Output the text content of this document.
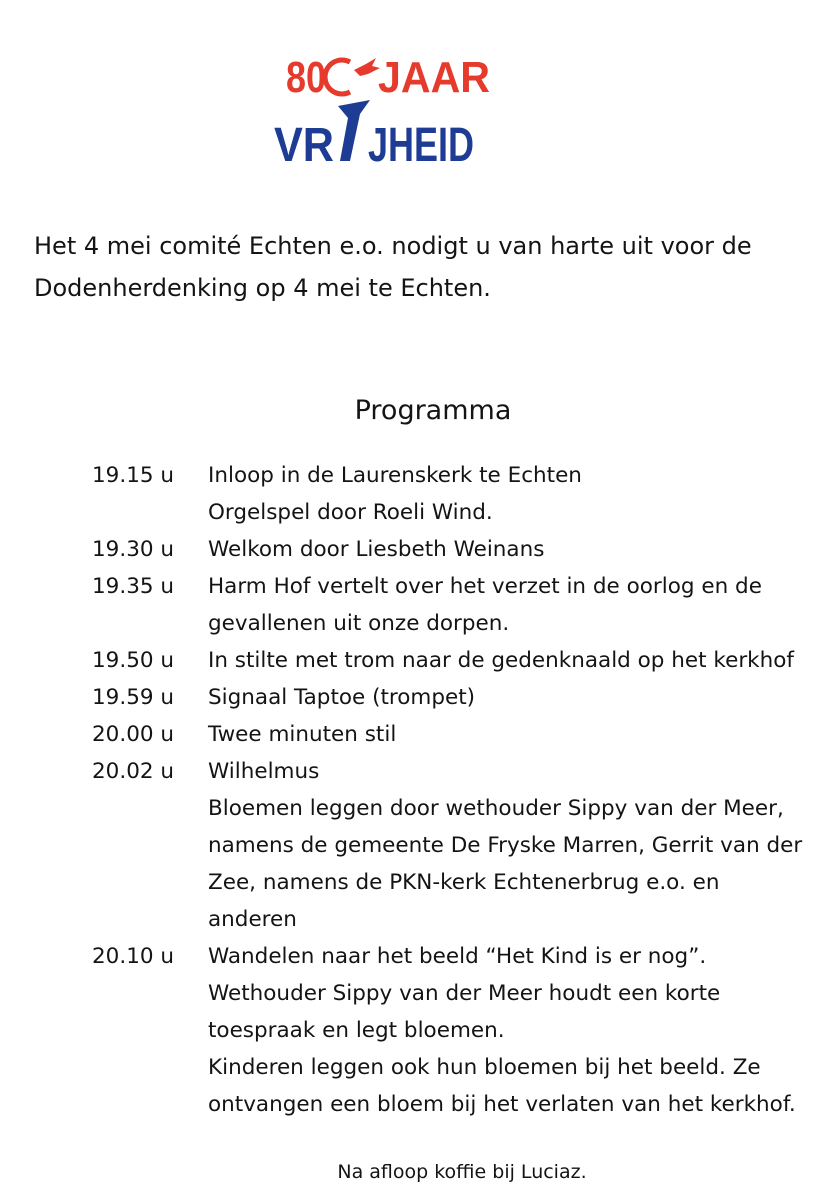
80 JAAR
VR JHEID
Het 4 mei comité Echten e.o. nodigt u van harte uit voor de
Dodenherdenking op 4 mei te Echten.
Programma
19.15 u	Inloop in de Laurenskerk te Echten
Orgelspel door Roeli Wind.
19.30 u	Welkom door Liesbeth Weinans
19.35 u	Harm Hof vertelt over het verzet in de oorlog en de
gevallenen uit onze dorpen.
19.50 u	In stilte met trom naar de gedenknaald op het kerkhof
19.59 u	Signaal Taptoe (trompet)
20.00 u	Twee minuten stil
20.02 u	Wilhelmus
Bloemen leggen door wethouder Sippy van der Meer,
namens de gemeente De Fryske Marren, Gerrit van der
Zee, namens de PKN-kerk Echtenerbrug e.o. en
anderen
20.10 u	Wandelen naar het beeld “Het Kind is er nog”.
Wethouder Sippy van der Meer houdt een korte
toespraak en legt bloemen.
Kinderen leggen ook hun bloemen bij het beeld. Ze
ontvangen een bloem bij het verlaten van het kerkhof.
Na afloop koffie bij Luciaz.
